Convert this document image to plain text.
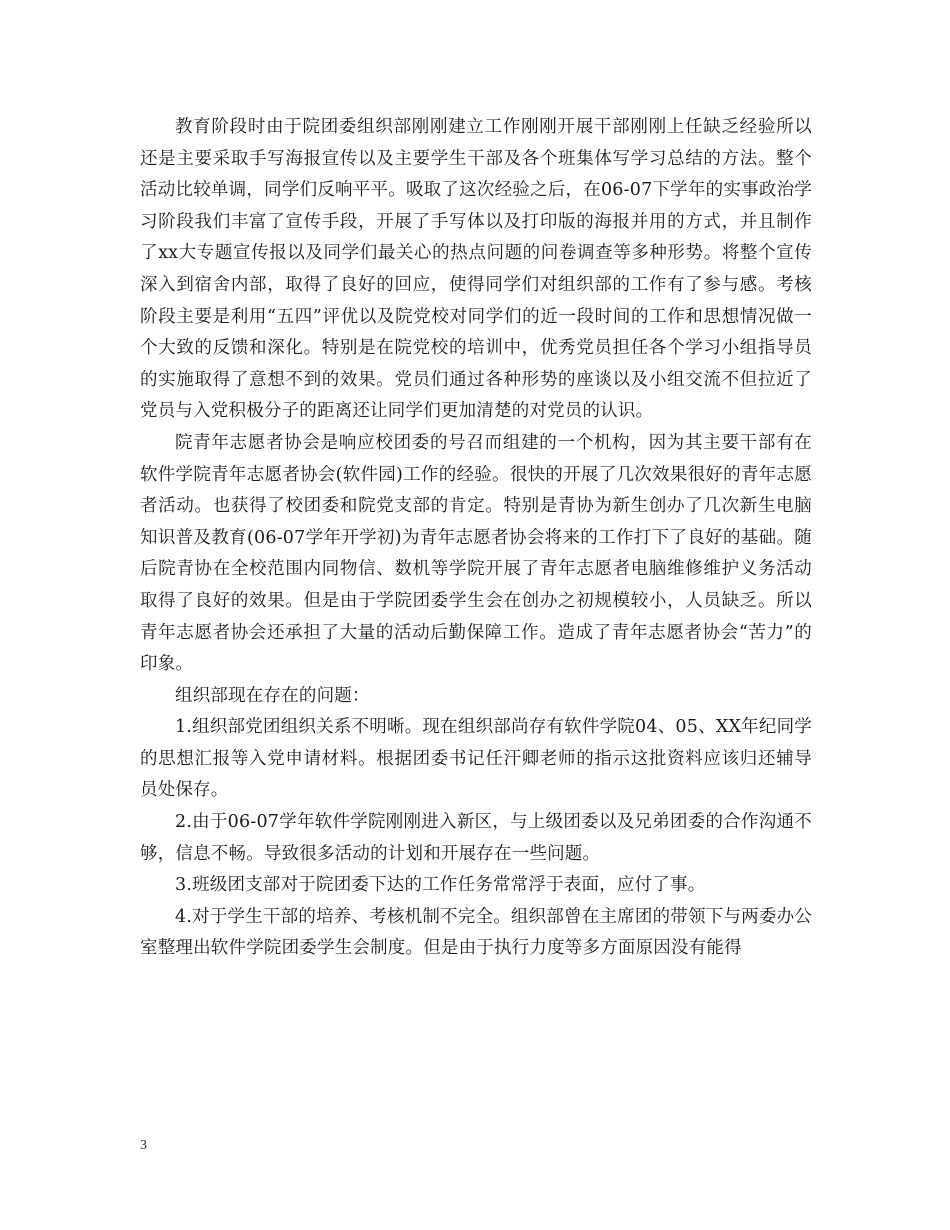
教育阶段时由于院团委组织部刚刚建立工作刚刚开展干部刚刚上任缺乏经验所以还是主要采取手写海报宣传以及主要学生干部及各个班集体写学习总结的方法。整个活动比较单调，同学们反响平平。吸取了这次经验之后，在06-07下学年的实事政治学习阶段我们丰富了宣传手段，开展了手写体以及打印版的海报并用的方式，并且制作了xx大专题宣传报以及同学们最关心的热点问题的问卷调查等多种形势。将整个宣传深入到宿舍内部，取得了良好的回应，使得同学们对组织部的工作有了参与感。考核阶段主要是利用“五四”评优以及院党校对同学们的近一段时间的工作和思想情况做一个大致的反馈和深化。特别是在院党校的培训中，优秀党员担任各个学习小组指导员的实施取得了意想不到的效果。党员们通过各种形势的座谈以及小组交流不但拉近了党员与入党积极分子的距离还让同学们更加清楚的对党员的认识。

院青年志愿者协会是响应校团委的号召而组建的一个机构，因为其主要干部有在软件学院青年志愿者协会(软件园)工作的经验。很快的开展了几次效果很好的青年志愿者活动。也获得了校团委和院党支部的肯定。特别是青协为新生创办了几次新生电脑知识普及教育(06-07学年开学初)为青年志愿者协会将来的工作打下了良好的基础。随后院青协在全校范围内同物信、数机等学院开展了青年志愿者电脑维修维护义务活动取得了良好的效果。但是由于学院团委学生会在创办之初规模较小，人员缺乏。所以青年志愿者协会还承担了大量的活动后勤保障工作。造成了青年志愿者协会“苦力”的印象。

组织部现在存在的问题：

1.组织部党团组织关系不明晰。现在组织部尚存有软件学院04、05、XX年纪同学的思想汇报等入党申请材料。根据团委书记任汗卿老师的指示这批资料应该归还辅导员处保存。

2.由于06-07学年软件学院刚刚进入新区，与上级团委以及兄弟团委的合作沟通不够，信息不畅。导致很多活动的计划和开展存在一些问题。

3.班级团支部对于院团委下达的工作任务常常浮于表面，应付了事。

4.对于学生干部的培养、考核机制不完全。组织部曾在主席团的带领下与两委办公室整理出软件学院团委学生会制度。但是由于执行力度等多方面原因没有能得

3
